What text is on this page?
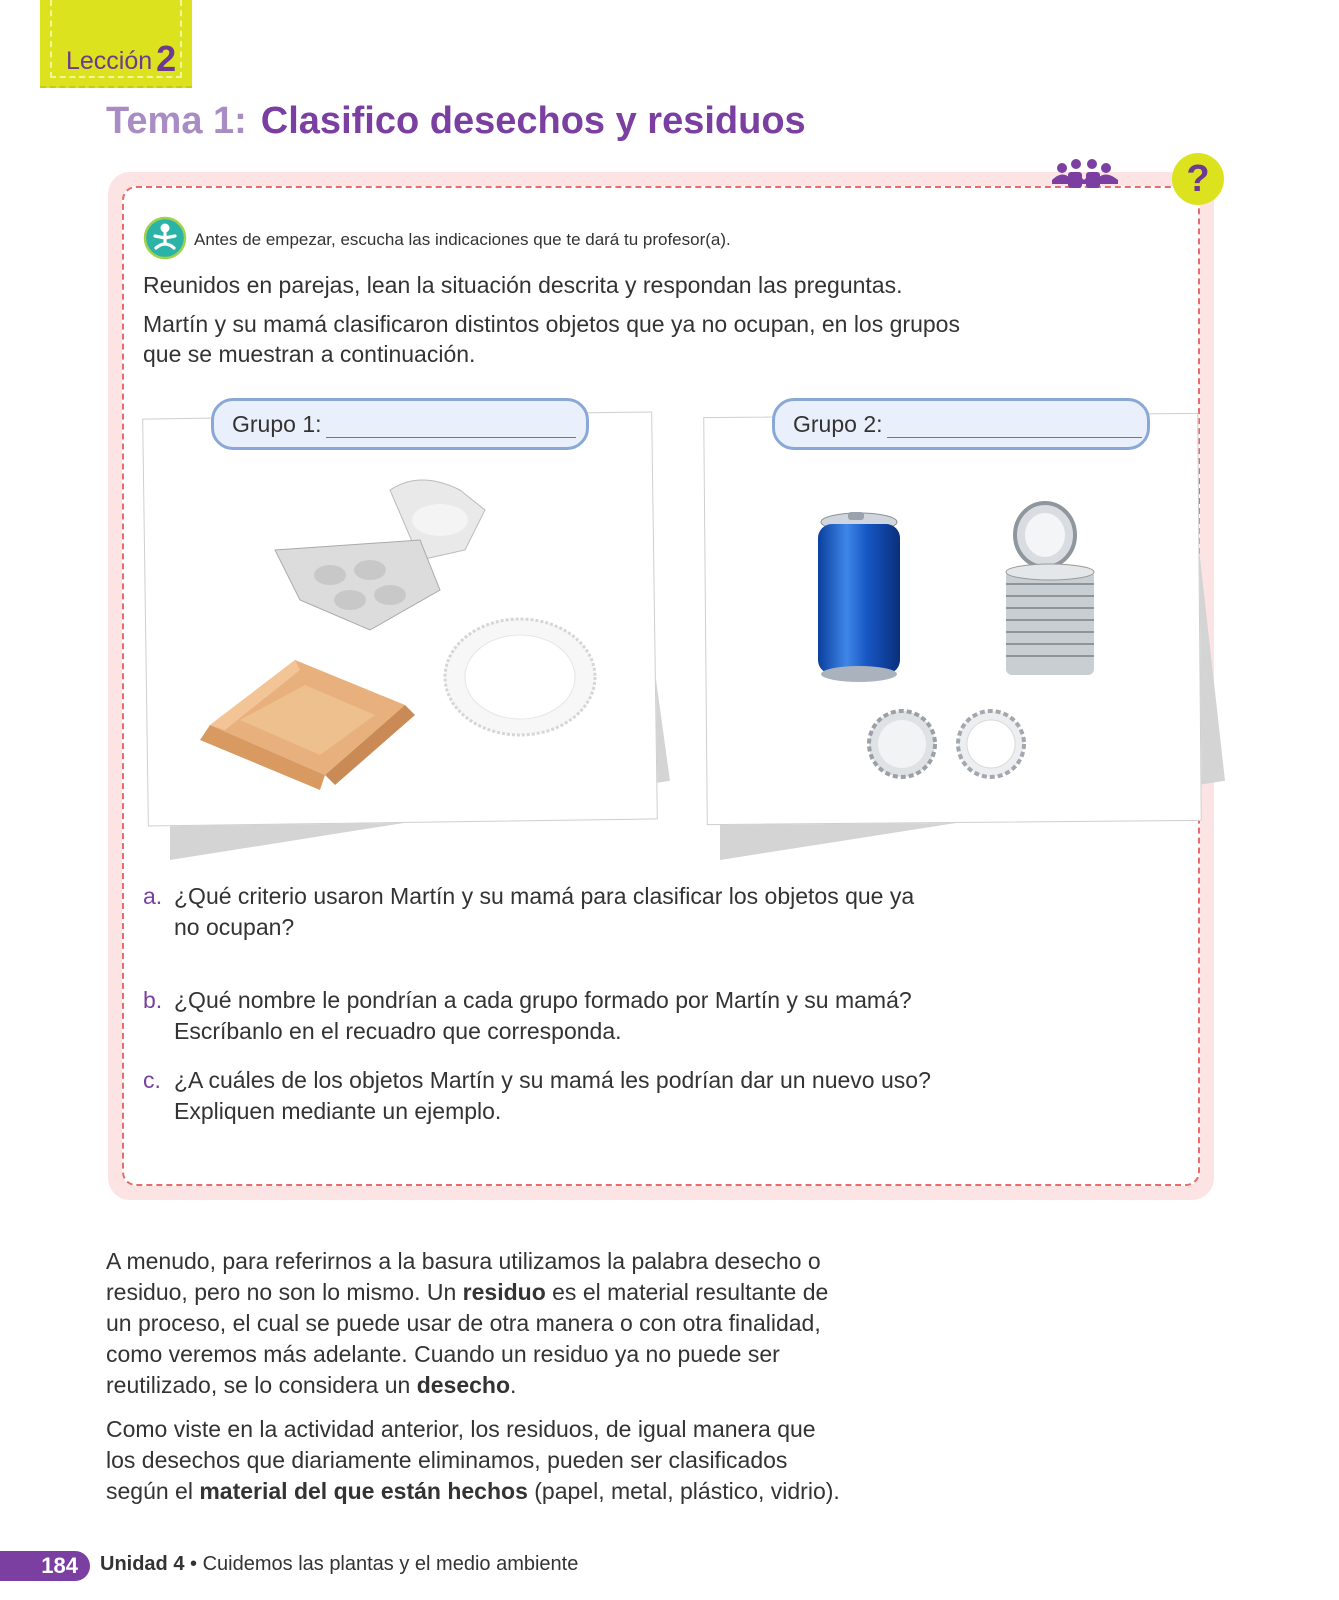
Lección 2
Tema 1: Clasifico desechos y residuos
?
Antes de empezar, escucha las indicaciones que te dará tu profesor(a).
Reunidos en parejas, lean la situación descrita y respondan las preguntas.
Martín y su mamá clasificaron distintos objetos que ya no ocupan, en los grupos
que se muestran a continuación.
Grupo 1:	Grupo 2:
a. ¿Qué criterio usaron Martín y su mamá para clasificar los objetos que ya
no ocupan?
b. ¿Qué nombre le pondrían a cada grupo formado por Martín y su mamá?
Escríbanlo en el recuadro que corresponda.
c. ¿A cuáles de los objetos Martín y su mamá les podrían dar un nuevo uso?
Expliquen mediante un ejemplo.
A menudo, para referirnos a la basura utilizamos la palabra desecho o residuo, pero no son lo mismo. Un residuo es el material resultante de un proceso, el cual se puede usar de otra manera o con otra finalidad, como veremos más adelante. Cuando un residuo ya no puede ser reutilizado, se lo considera un desecho.
Como viste en la actividad anterior, los residuos, de igual manera que los desechos que diariamente eliminamos, pueden ser clasificados según el material del que están hechos (papel, metal, plástico, vidrio).
184	Unidad 4 • Cuidemos las plantas y el medio ambiente
